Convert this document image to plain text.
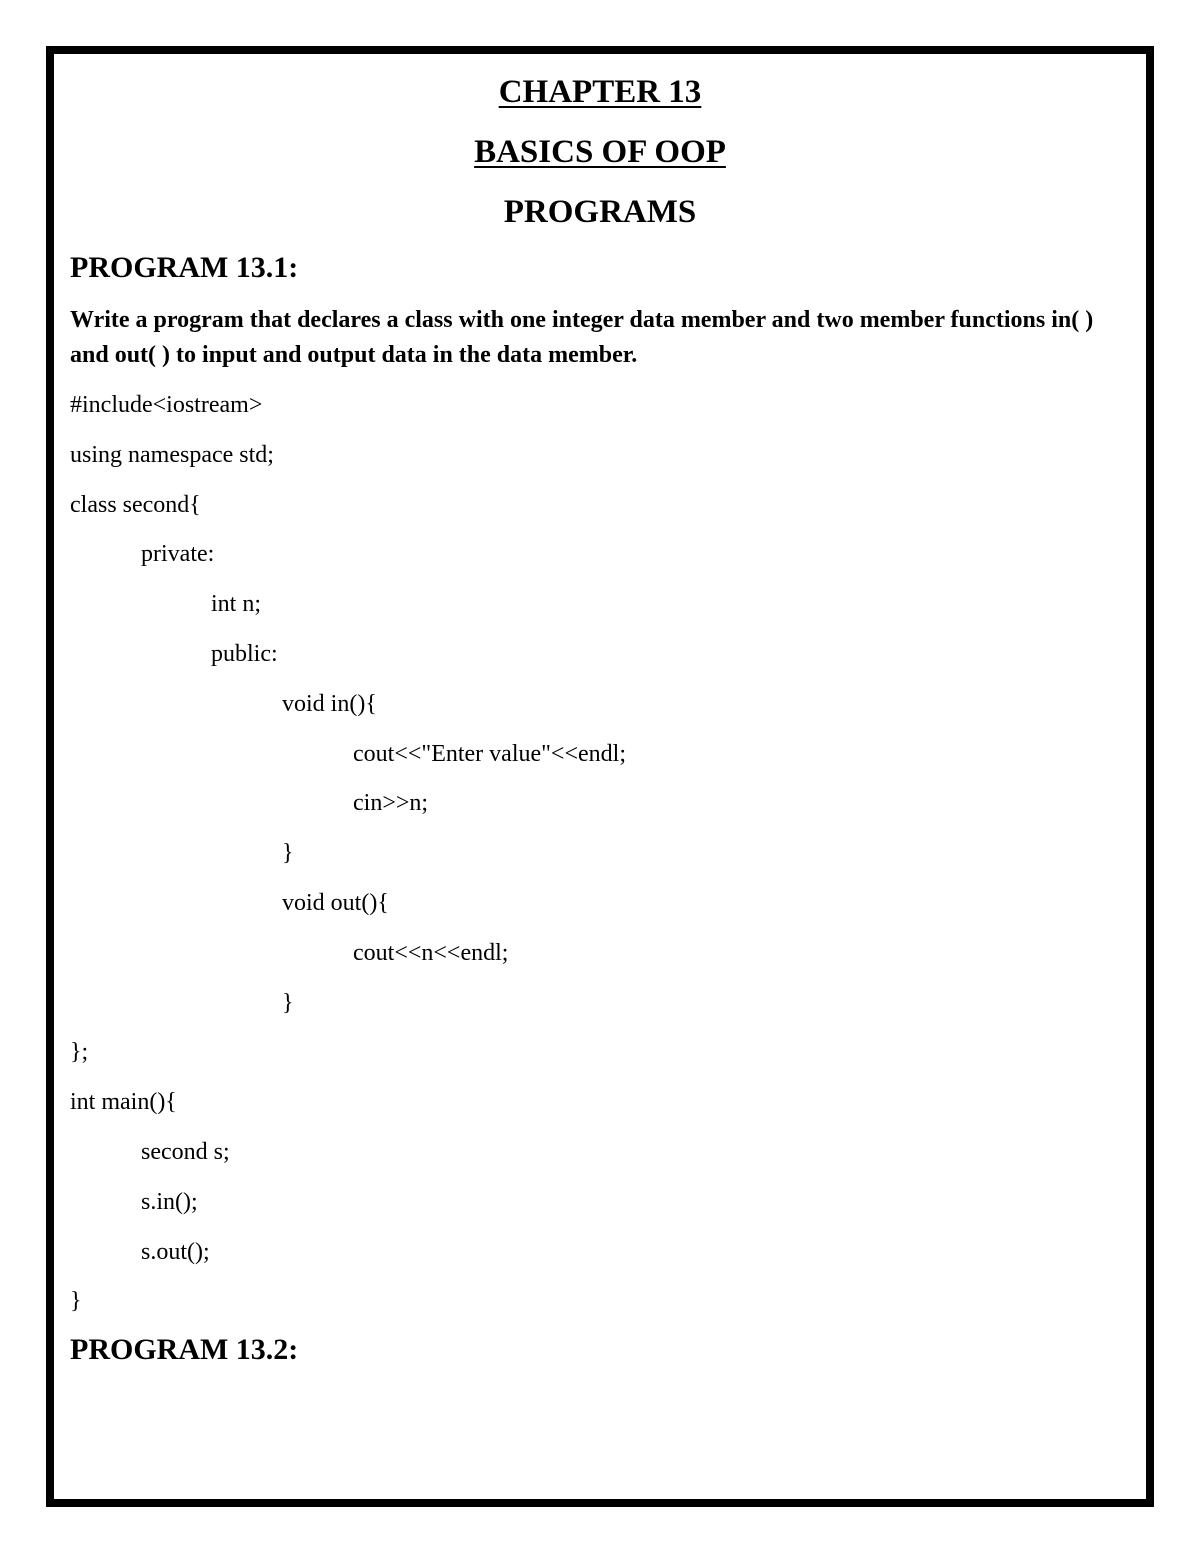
CHAPTER 13
BASICS OF OOP
PROGRAMS
PROGRAM 13.1:

Write a program that declares a class with one integer data member and two member functions in( ) and out( ) to input and output data in the data member.

#include<iostream>
using namespace std;
class second{
private:
int n;
public:
void in(){
cout<<"Enter value"<<endl;
cin>>n;
}
void out(){
cout<<n<<endl;
}
};
int main(){
second s;
s.in();
s.out();
}
PROGRAM 13.2:
